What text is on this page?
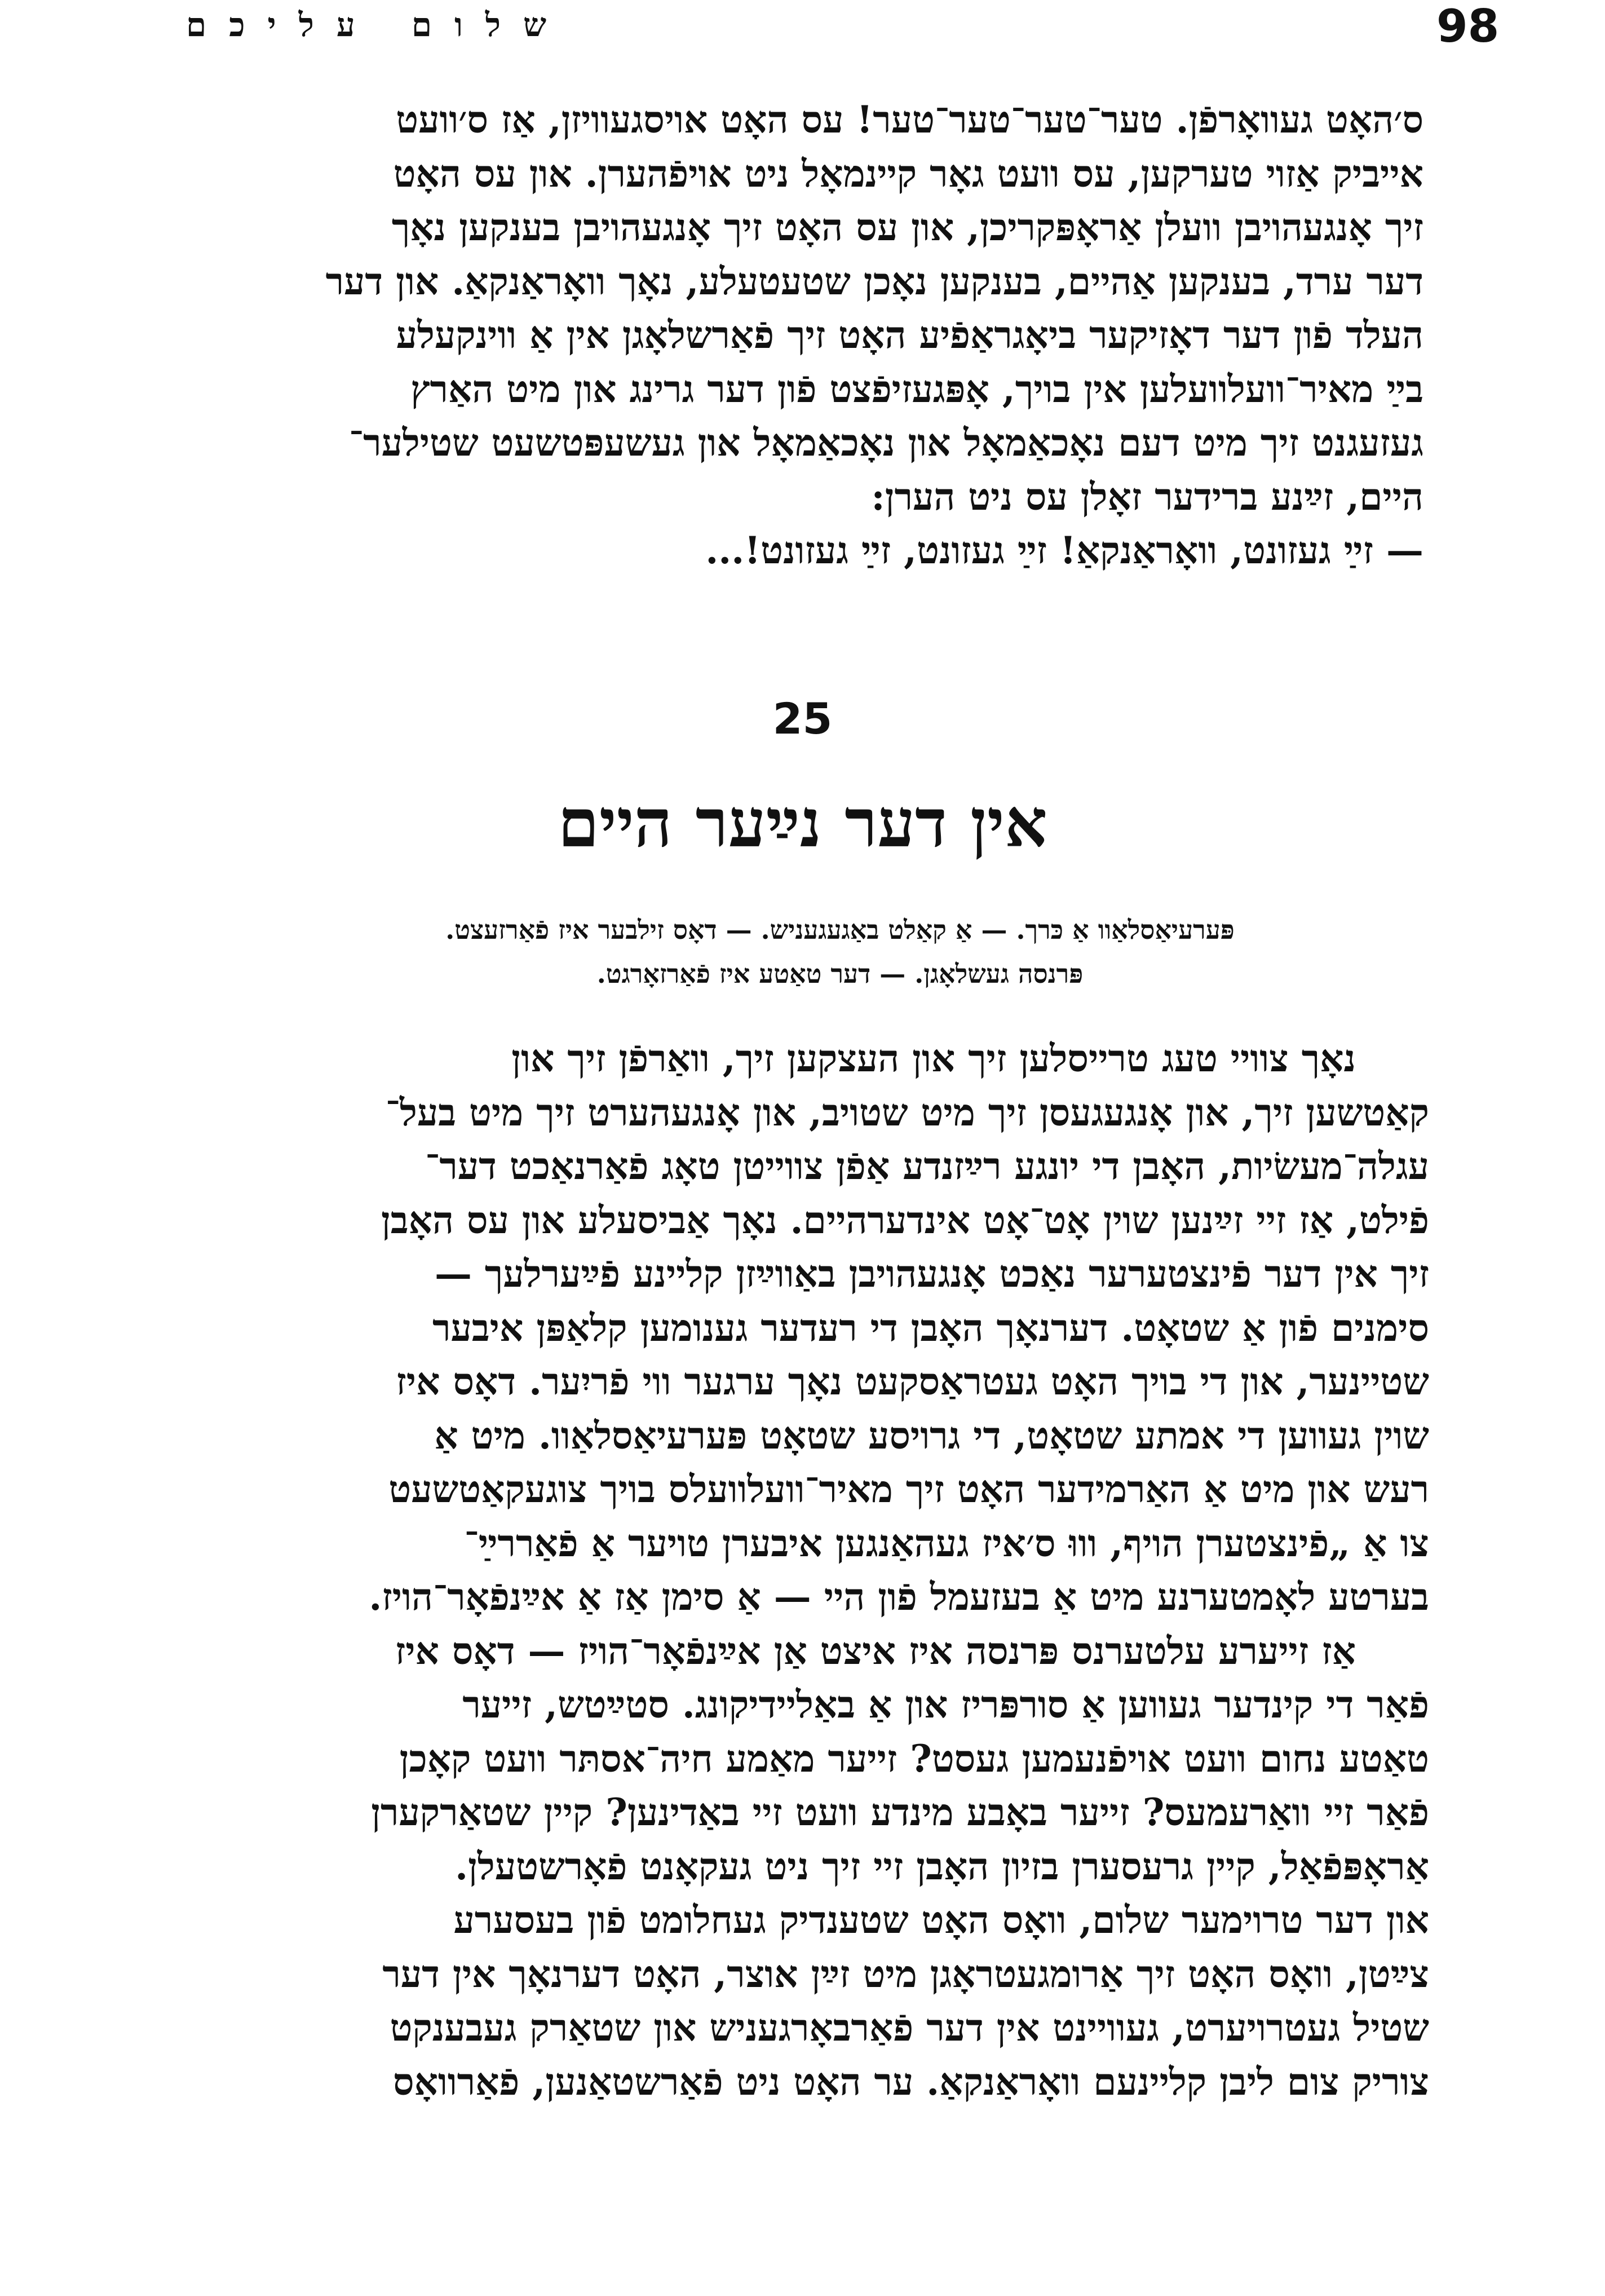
שלום עליכם	98
ס׳האָט געוואָרפֿן. טער־טער־טער־טער! עס האָט אויסגעוויזן, אַז ס׳וועט
אייביק אַזוי טערקען, עס וועט גאָר קיינמאָל ניט אויפֿהערן. און עס האָט
זיך אָנגעהויבן וועלן אַראָפּקריכן, און עס האָט זיך אָנגעהויבן בענקען נאָך
דער ערד, בענקען אַהיים, בענקען נאָכן שטעטעלע, נאָך וואָראַנקאַ. און דער
העלד פֿון דער דאָזיקער ביאָגראַפֿיע האָט זיך פֿאַרשלאָגן אין אַ ווינקעלע
בײַ מאיר־וועלוועלען אין בויך, אָפּגעזיפֿצט פֿון דער גרינג און מיט האַרץ
געזעגנט זיך מיט דעם נאָכאַמאָל און נאָכאַמאָל און געשעפּטשעט שטילער־
היים, זײַנע ברידער זאָלן עס ניט הערן:
— זײַ געזונט, וואָראַנקאַ! זײַ געזונט, זײַ געזונט!...
25
אין דער נײַער היים
פּערעיאַסלאַוו אַ כּרך. — אַ קאַלט באַגעגעניש. — דאָס זילבער איז פֿאַרזעצט.
פּרנסה געשלאָגן. — דער טאַטע איז פֿאַרזאָרגט.
נאָך צוויי טעג טרייסלען זיך און העצקען זיך, וואַרפֿן זיך און
קאַטשען זיך, און אָנגעגעסן זיך מיט שטויב, און אָנגעהערט זיך מיט בעל־
עגלה־מעשׂיות, האָבן די יונגע רײַזנדע אַפֿן צווייטן טאָג פֿאַרנאַכט דער־
פֿילט, אַז זיי זײַנען שוין אָט־אָט אינדערהיים. נאָך אַביסעלע און עס האָבן
זיך אין דער פֿינצטערער נאַכט אָנגעהויבן באַווײַזן קליינע פֿײַערלעך —
סימנים פֿון אַ שטאָט. דערנאָך האָבן די רעדער גענומען קלאַפּן איבער
שטיינער, און די בויך האָט געטראַסקעט נאָך ערגער ווי פֿריִער. דאָס איז
שוין געווען די אמתע שטאָט, די גרויסע שטאָט פּערעיאַסלאַוו. מיט אַ
רעש און מיט אַ האַרמידער האָט זיך מאיר־וועלוועלס בויך צוגעקאַטשעט
צו אַ „פֿינצטערן הויף, וווּ ס׳איז געהאַנגען איבערן טויער אַ פֿאַררײַ־
בערטע לאָמטערנע מיט אַ בעזעמל פֿון היי — אַ סימן אַז אַ אײַנפֿאָר־הויז.
אַז זייערע עלטערנס פּרנסה איז איצט אַן אײַנפֿאָר־הויז — דאָס איז
פֿאַר די קינדער געווען אַ סורפּריז און אַ באַליידיקונג. סטײַטש, זייער
טאַטע נחום וועט אויפֿנעמען געסט? זייער מאַמע חיה־אסתּר וועט קאָכן
פֿאַר זיי וואַרעמעס? זייער באָבע מינדע וועט זיי באַדינען? קיין שטאַרקערן
אַראָפּפֿאַל, קיין גרעסערן בזיון האָבן זיי זיך ניט געקאָנט פֿאָרשטעלן.
און דער טרוימער שלום, וואָס האָט שטענדיק געחלומט פֿון בעסערע
צײַטן, וואָס האָט זיך אַרומגעטראָגן מיט זײַן אוצר, האָט דערנאָך אין דער
שטיל געטרויערט, געוויינט אין דער פֿאַרבאָרגעניש און שטאַרק געבענקט
צוריק צום ליבן קליינעם וואָראַנקאַ. ער האָט ניט פֿאַרשטאַנען, פֿאַרוואָס
